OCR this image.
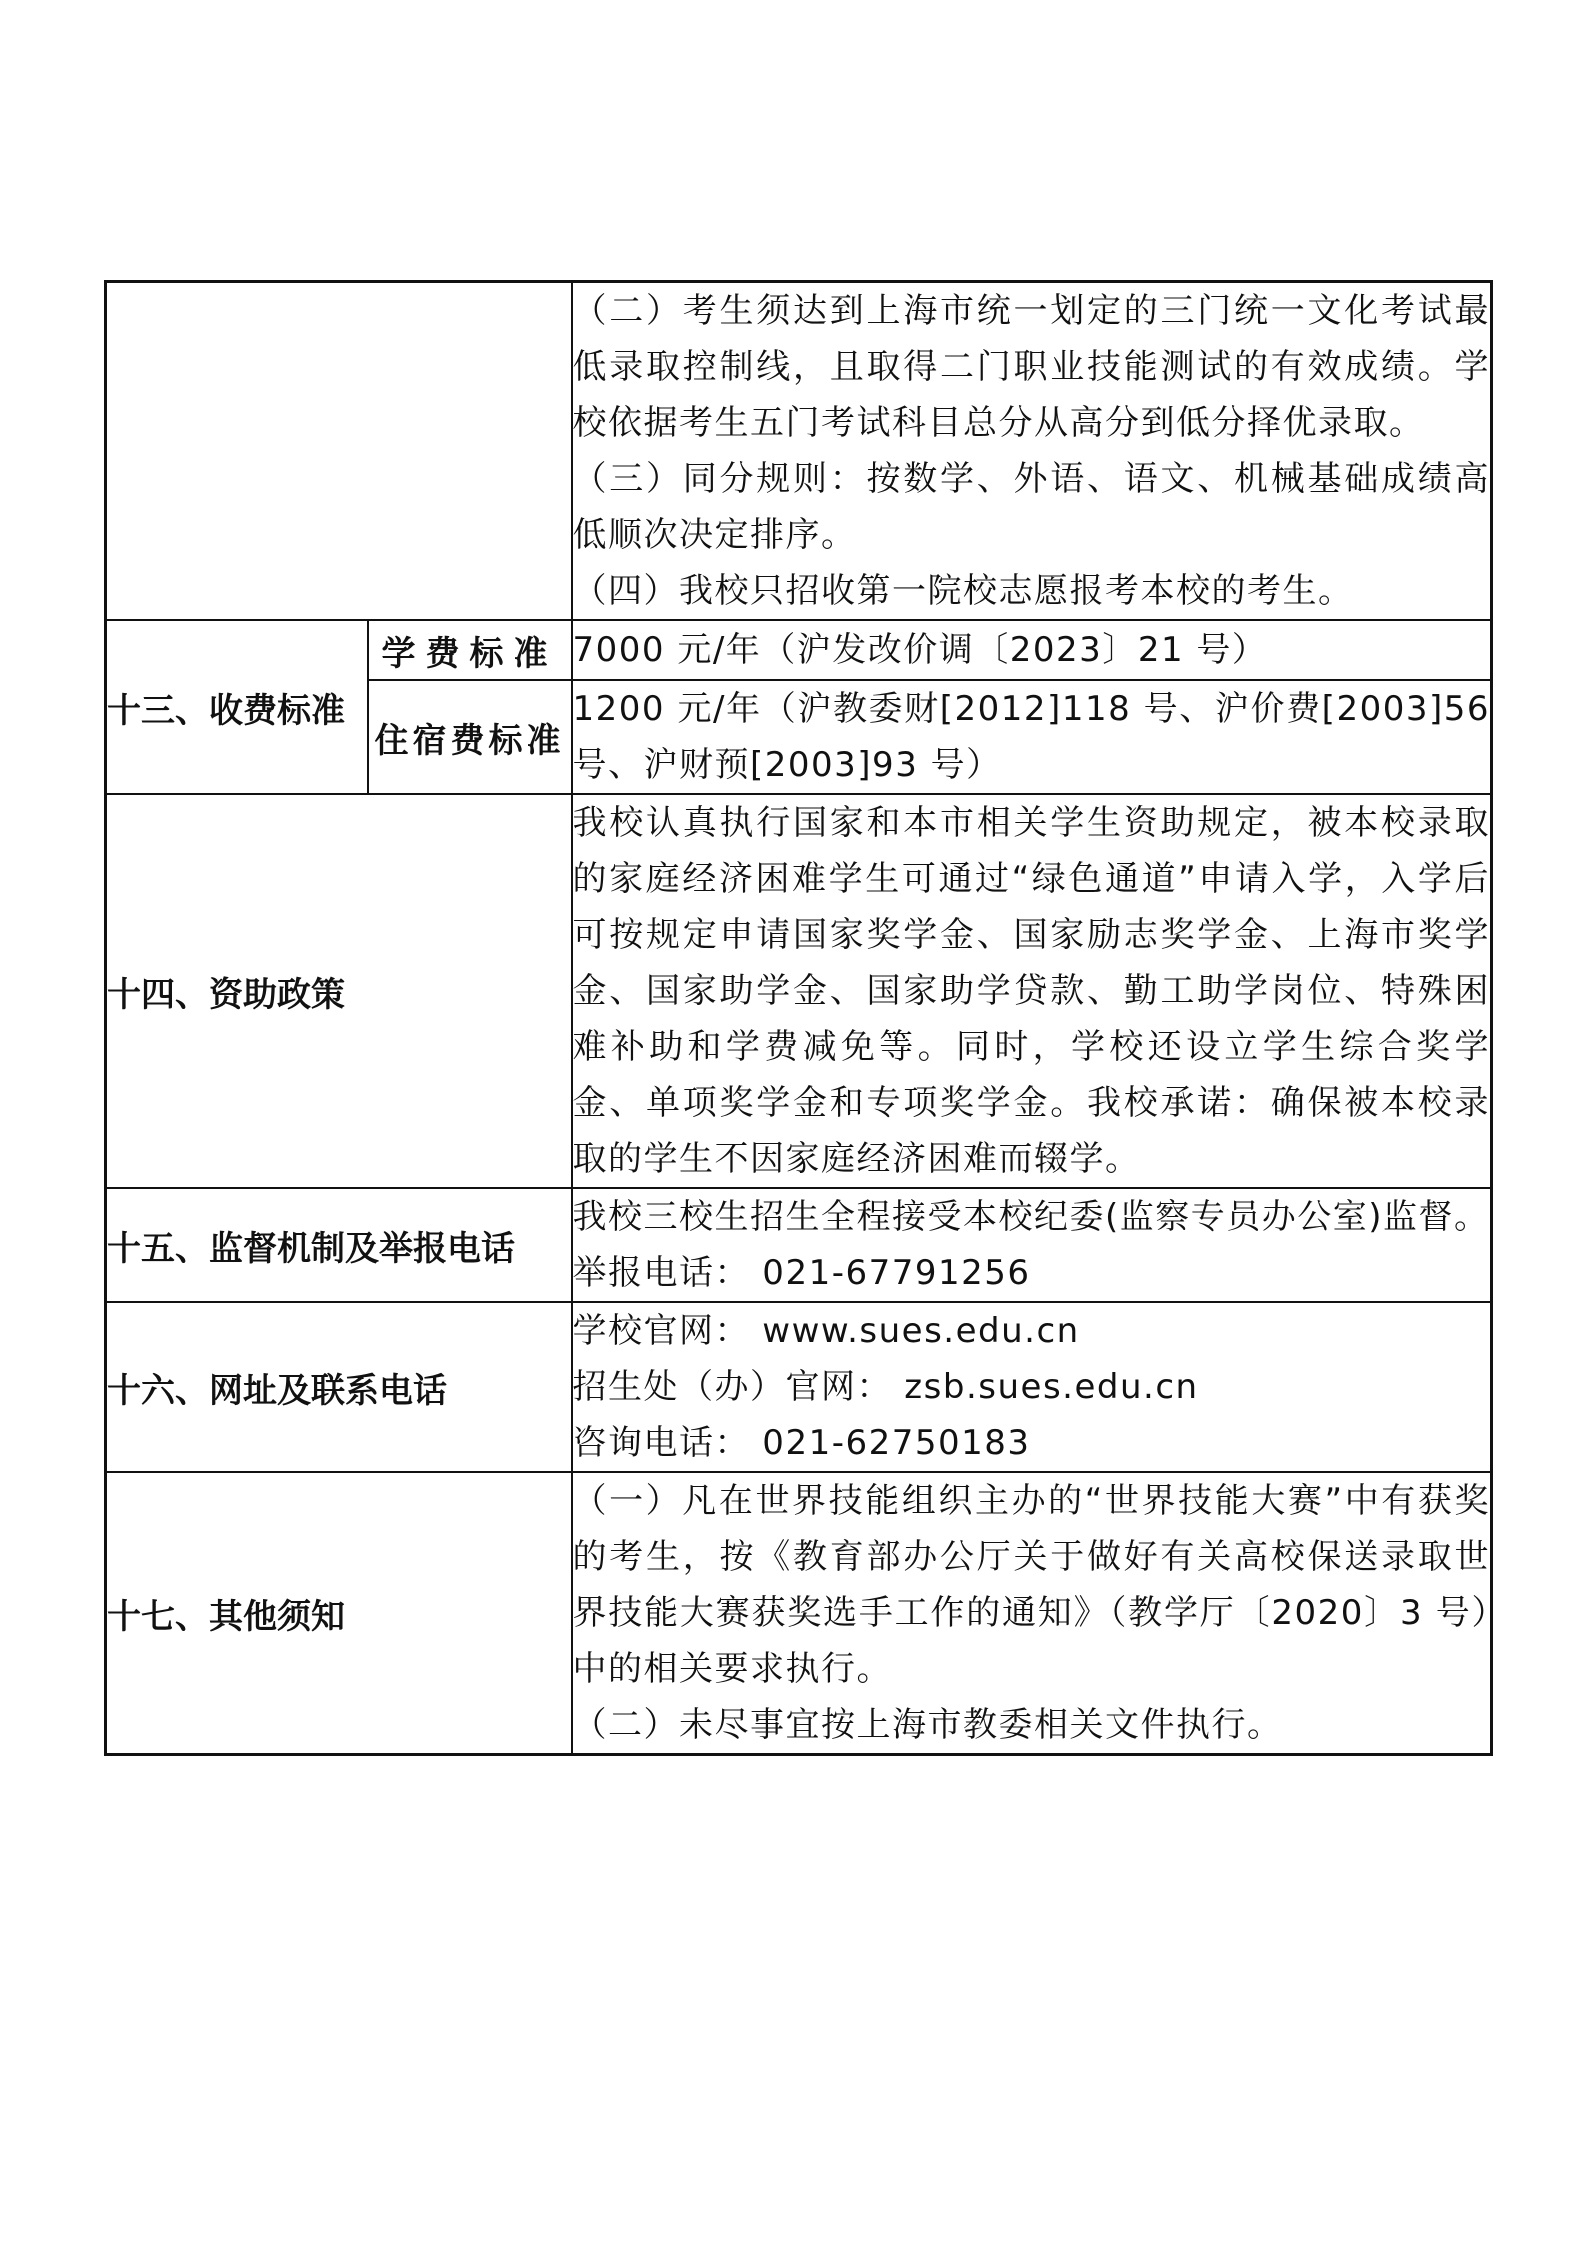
		（二）考生须达到上海市统一划定的三门统一文化考试最低录取控制线，且取得二门职业技能测试的有效成绩。学校依据考生五门考试科目总分从高分到低分择优录取。

（三）同分规则：按数学、外语、语文、机械基础成绩高低顺次决定排序。

（四）我校只招收第一院校志愿报考本校的考生。

十三、收费标准	学费标准	7000 元/年（沪发改价调〔2023〕21 号）
	住宿费标准	1200 元/年（沪教委财[2012]118 号、沪价费[2003]56 号、沪财预[2003]93 号）
十四、资助政策		我校认真执行国家和本市相关学生资助规定，被本校录取的家庭经济困难学生可通过“绿色通道”申请入学，入学后可按规定申请国家奖学金、国家励志奖学金、上海市奖学金、国家助学金、国家助学贷款、勤工助学岗位、特殊困难补助和学费减免等。同时，学校还设立学生综合奖学金、单项奖学金和专项奖学金。我校承诺：确保被本校录取的学生不因家庭经济困难而辍学。
十五、监督机制及举报电话		我校三校生招生全程接受本校纪委(监察专员办公室)监督。

举报电话： 021-67791256

十六、网址及联系电话		学校官网： www.sues.edu.cn

招生处（办）官网： zsb.sues.edu.cn

咨询电话： 021-62750183

十七、其他须知		（一）凡在世界技能组织主办的“世界技能大赛”中有获奖的考生，按《教育部办公厅关于做好有关高校保送录取世界技能大赛获奖选手工作的通知》（教学厅〔2020〕3 号）中的相关要求执行。

（二）未尽事宜按上海市教委相关文件执行。
